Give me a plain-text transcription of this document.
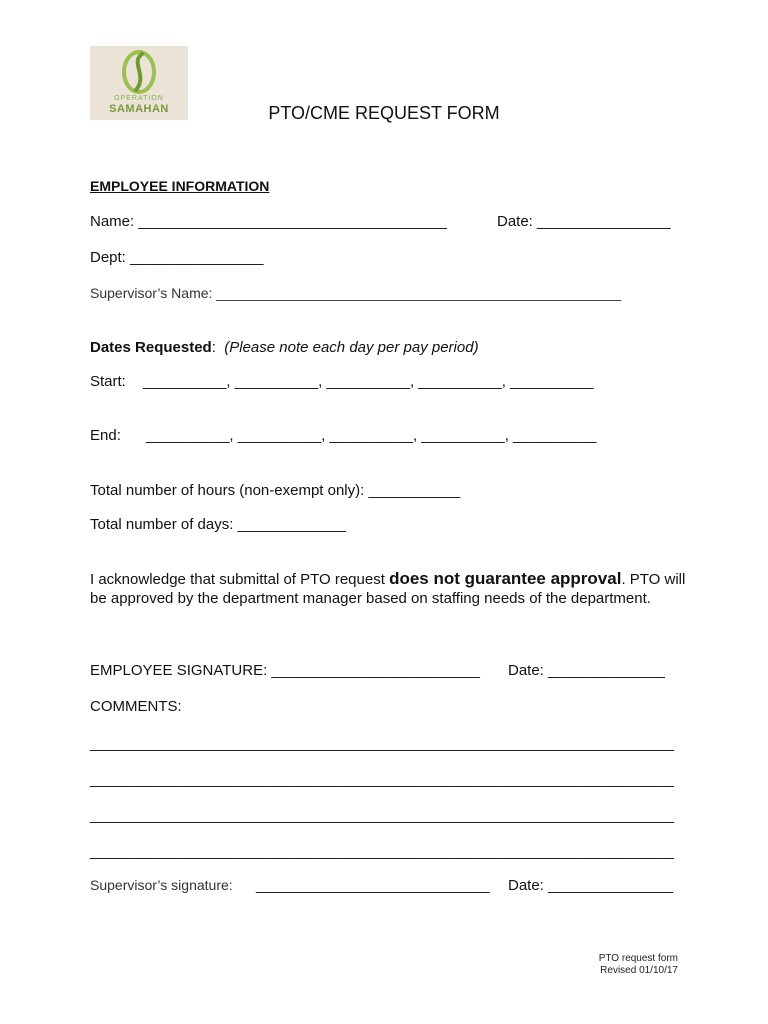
OPERATION
SAMAHAN	PTO/CME REQUEST FORM
EMPLOYEE INFORMATION
Name: _____________________________________	Date: ________________
Dept: ________________
Supervisor’s Name: ____________________________________________________
Dates Requested: (Please note each day per pay period)
Start: __________, __________, __________, __________, __________
End: __________, __________, __________, __________, __________
Total number of hours (non-exempt only): ___________
Total number of days: _____________
I acknowledge that submittal of PTO request does not guarantee approval. PTO will be approved by the department manager based on staffing needs of the department.
EMPLOYEE SIGNATURE: _________________________ Date: ______________
COMMENTS:
______________________________________________________________________
______________________________________________________________________
______________________________________________________________________
______________________________________________________________________
Supervisor’s signature: ____________________________ Date: _______________
PTO request form
Revised 01/10/17
